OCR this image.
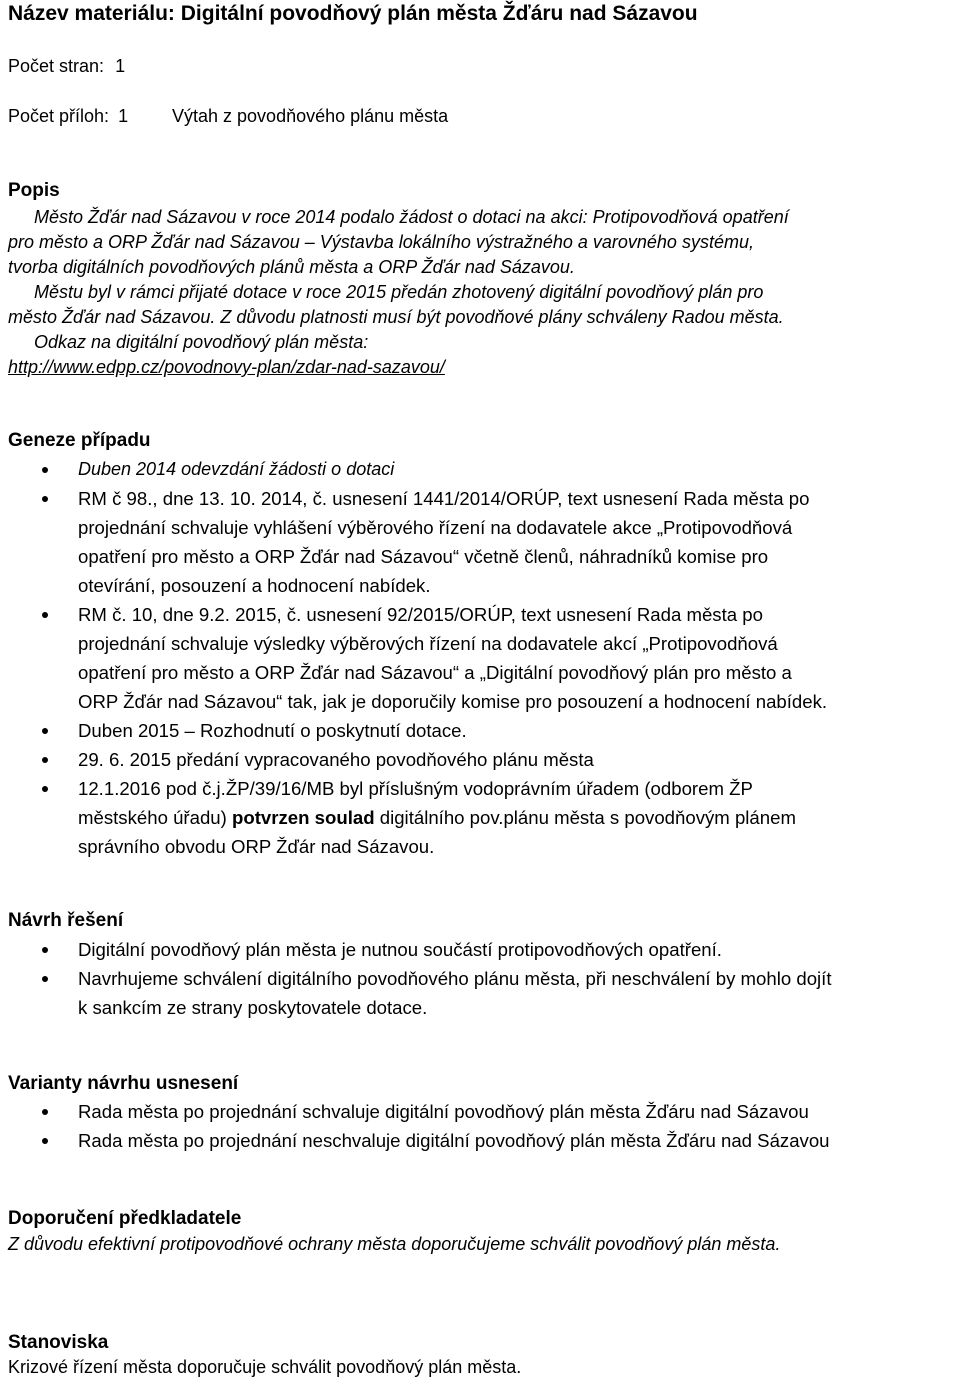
Název materiálu: Digitální povodňový plán města Žďáru nad Sázavou
Počet stran: 1
Počet příloh: 1 Výtah z povodňového plánu města
Popis
Město Žďár nad Sázavou v roce 2014 podalo žádost o dotaci na akci: Protipovodňová opatření
pro město a ORP Žďár nad Sázavou – Výstavba lokálního výstražného a varovného systému,
tvorba digitálních povodňových plánů města a ORP Žďár nad Sázavou.
Městu byl v rámci přijaté dotace v roce 2015 předán zhotovený digitální povodňový plán pro
město Žďár nad Sázavou. Z důvodu platnosti musí být povodňové plány schváleny Radou města.
Odkaz na digitální povodňový plán města:
http://www.edpp.cz/povodnovy-plan/zdar-nad-sazavou/
Geneze případu
Duben 2014 odevzdání žádosti o dotaci
RM č 98., dne 13. 10. 2014, č. usnesení 1441/2014/ORÚP, text usnesení Rada města po
projednání schvaluje vyhlášení výběrového řízení na dodavatele akce „Protipovodňová
opatření pro město a ORP Žďár nad Sázavou“ včetně členů, náhradníků komise pro
otevírání, posouzení a hodnocení nabídek.
RM č. 10, dne 9.2. 2015, č. usnesení 92/2015/ORÚP, text usnesení Rada města po
projednání schvaluje výsledky výběrových řízení na dodavatele akcí „Protipovodňová
opatření pro město a ORP Žďár nad Sázavou“ a „Digitální povodňový plán pro město a
ORP Žďár nad Sázavou“ tak, jak je doporučily komise pro posouzení a hodnocení nabídek.
Duben 2015 – Rozhodnutí o poskytnutí dotace.
29. 6. 2015 předání vypracovaného povodňového plánu města
12.1.2016 pod č.j.ŽP/39/16/MB byl příslušným vodoprávním úřadem (odborem ŽP
městského úřadu) potvrzen soulad digitálního pov.plánu města s povodňovým plánem
správního obvodu ORP Žďár nad Sázavou.
Návrh řešení
Digitální povodňový plán města je nutnou součástí protipovodňových opatření.
Navrhujeme schválení digitálního povodňového plánu města, při neschválení by mohlo dojít
k sankcím ze strany poskytovatele dotace.
Varianty návrhu usnesení
Rada města po projednání schvaluje digitální povodňový plán města Žďáru nad Sázavou
Rada města po projednání neschvaluje digitální povodňový plán města Žďáru nad Sázavou
Doporučení předkladatele
Z důvodu efektivní protipovodňové ochrany města doporučujeme schválit povodňový plán města.
Stanoviska
Krizové řízení města doporučuje schválit povodňový plán města.
